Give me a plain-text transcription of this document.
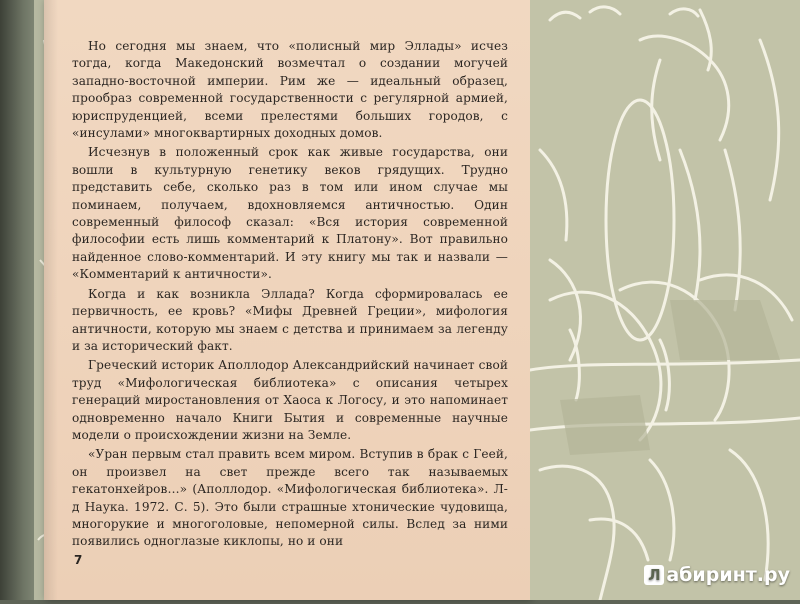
Но сегодня мы знаем, что «полисный мир Эллады» исчез тогда, когда Македонский возмечтал о создании могучей западно-восточной империи. Рим же — идеальный образец, прообраз современной государственности с регулярной армией, юриспруденцией, всеми прелестями больших городов, с «инсулами» многоквартирных доходных домов.

Исчезнув в положенный срок как живые государства, они вошли в культурную генетику веков грядущих. Трудно представить себе, сколько раз в том или ином случае мы поминаем, получаем, вдохновляемся античностью. Один современный философ сказал: «Вся история современной философии есть лишь комментарий к Платону». Вот правильно найденное слово-комментарий. И эту книгу мы так и назвали — «Комментарий к античности».

Когда и как возникла Эллада? Когда сформировалась ее первичность, ее кровь? «Мифы Древней Греции», мифология античности, которую мы знаем с детства и принимаем за легенду и за исторический факт.

Греческий историк Аполлодор Александрийский начинает свой труд «Мифологическая библиотека» с описания четырех генераций миростановления от Хаоса к Логосу, и это напоминает одновременно начало Книги Бытия и современные научные модели о происхождении жизни на Земле.

«Уран первым стал править всем миром. Вступив в брак с Геей, он произвел на свет прежде всего так называемых гекатонхейров…» (Аполлодор. «Мифологическая библиотека». Л-д Наука. 1972. С. 5). Это были страшные хтонические чудовища, многорукие и многоголовые, непомерной силы. Вслед за ними появились одноглазые киклопы, но и они

7
Л абиринт.ру
